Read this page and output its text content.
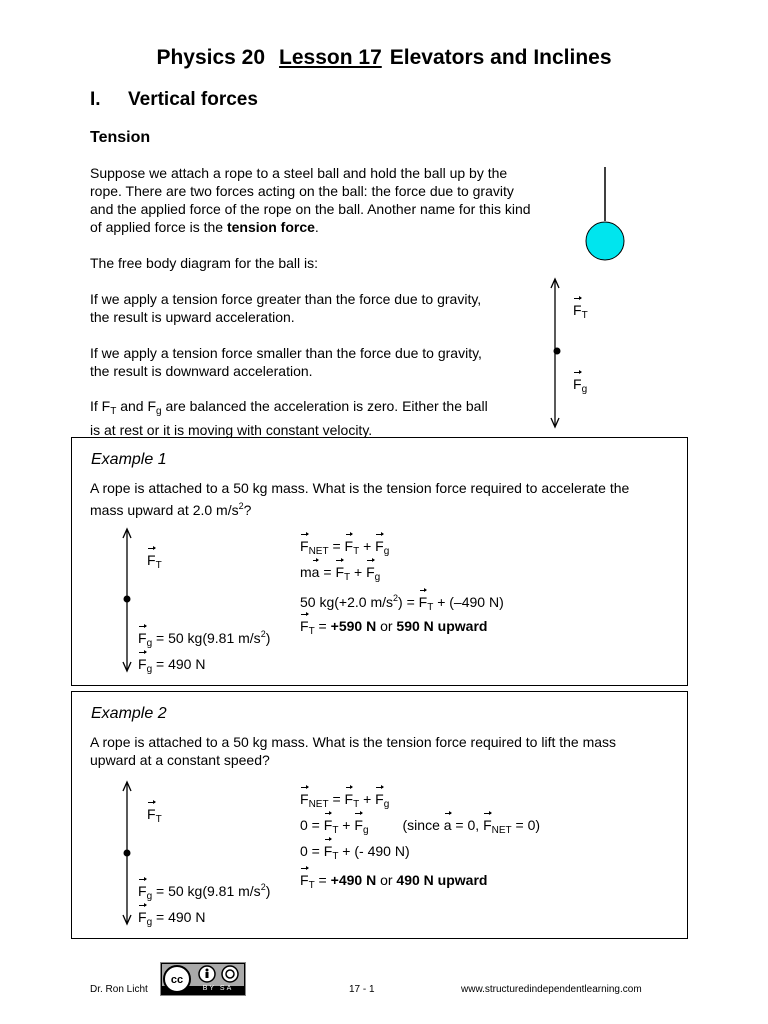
Physics 20 Lesson 17 Elevators and Inclines
I. Vertical forces
Tension
Suppose we attach a rope to a steel ball and hold the ball up by the
rope. There are two forces acting on the ball: the force due to gravity
and the applied force of the rope on the ball. Another name for this kind
of applied force is the tension force.
The free body diagram for the ball is:
If we apply a tension force greater than the force due to gravity,
the result is upward acceleration.
If we apply a tension force smaller than the force due to gravity,
the result is downward acceleration.
If $F_T$ and $F_g$ are balanced the acceleration is zero. Either the ball
is at rest or it is moving with constant velocity.
$F_T$
$F_g$
Example 1
A rope is attached to a 50 kg mass. What is the tension force required to accelerate the
mass upward at 2.0 $m/s^2$?
$F_T$
$F_g = 50$ kg(9.81 $m/s^2$)
$F_g = 490$ N
$F_{NET} = F_T + F_g$
ma = $F_T + F_g$
50 kg(+2.0 $m/s^2) = F_T + (-490$ N)
$F_T = +590$ N or 590 N upward
Example 2
A rope is attached to a 50 kg mass. What is the tension force required to lift the mass
upward at a constant speed?
$F_T$
$F_g = 50$ kg(9.81 $m/s^2$)
$F_g = 490$ N
$F_{NET} = F_T + F_g$
$0 = F_T + F_g$ (since a = 0, $F_{NET} = 0$)
$0 = F_T$ + (- 490 N)
$F_T = +490$ N or 490 N upward
Dr. Ron Licht
cc
BY SA	17 - 1	www.structuredindependentlearning.com
